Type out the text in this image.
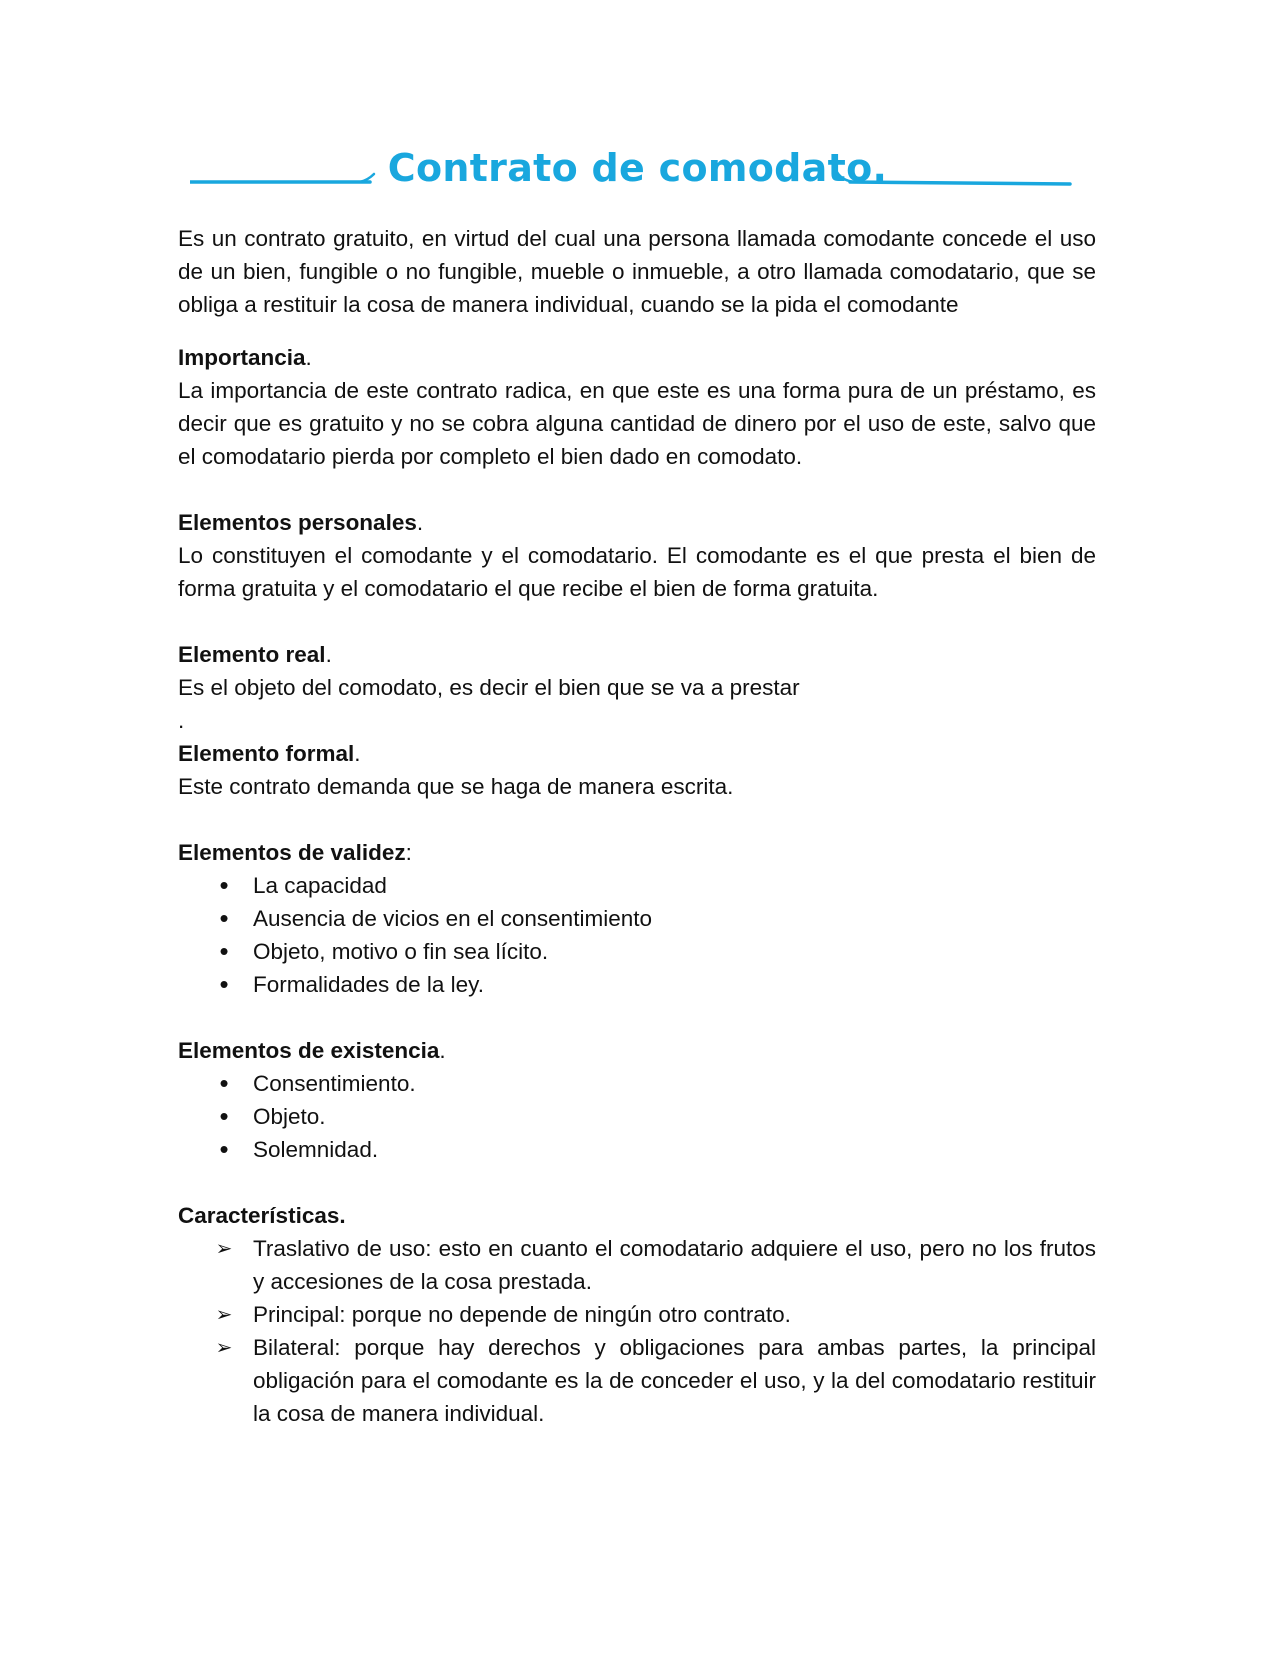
Contrato de comodato.

Es un contrato gratuito, en virtud del cual una persona llamada comodante concede el uso de un bien, fungible o no fungible, mueble o inmueble, a otro llamada comodatario, que se obliga a restituir la cosa de manera individual, cuando se la pida el comodante

Importancia.

La importancia de este contrato radica, en que este es una forma pura de un préstamo, es decir que es gratuito y no se cobra alguna cantidad de dinero por el uso de este, salvo que el comodatario pierda por completo el bien dado en comodato.

Elementos personales.

Lo constituyen el comodante y el comodatario. El comodante es el que presta el bien de forma gratuita y el comodatario el que recibe el bien de forma gratuita.

Elemento real.

Es el objeto del comodato, es decir el bien que se va a prestar

.

Elemento formal.

Este contrato demanda que se haga de manera escrita.

Elementos de validez:

• La capacidad
• Ausencia de vicios en el consentimiento
• Objeto, motivo o fin sea lícito.
• Formalidades de la ley.

Elementos de existencia.

• Consentimiento.
• Objeto.
• Solemnidad.

Características.

➢ Traslativo de uso: esto en cuanto el comodatario adquiere el uso, pero no los frutos y accesiones de la cosa prestada.
➢ Principal: porque no depende de ningún otro contrato.
➢ Bilateral: porque hay derechos y obligaciones para ambas partes, la principal obligación para el comodante es la de conceder el uso, y la del comodatario restituir la cosa de manera individual.
